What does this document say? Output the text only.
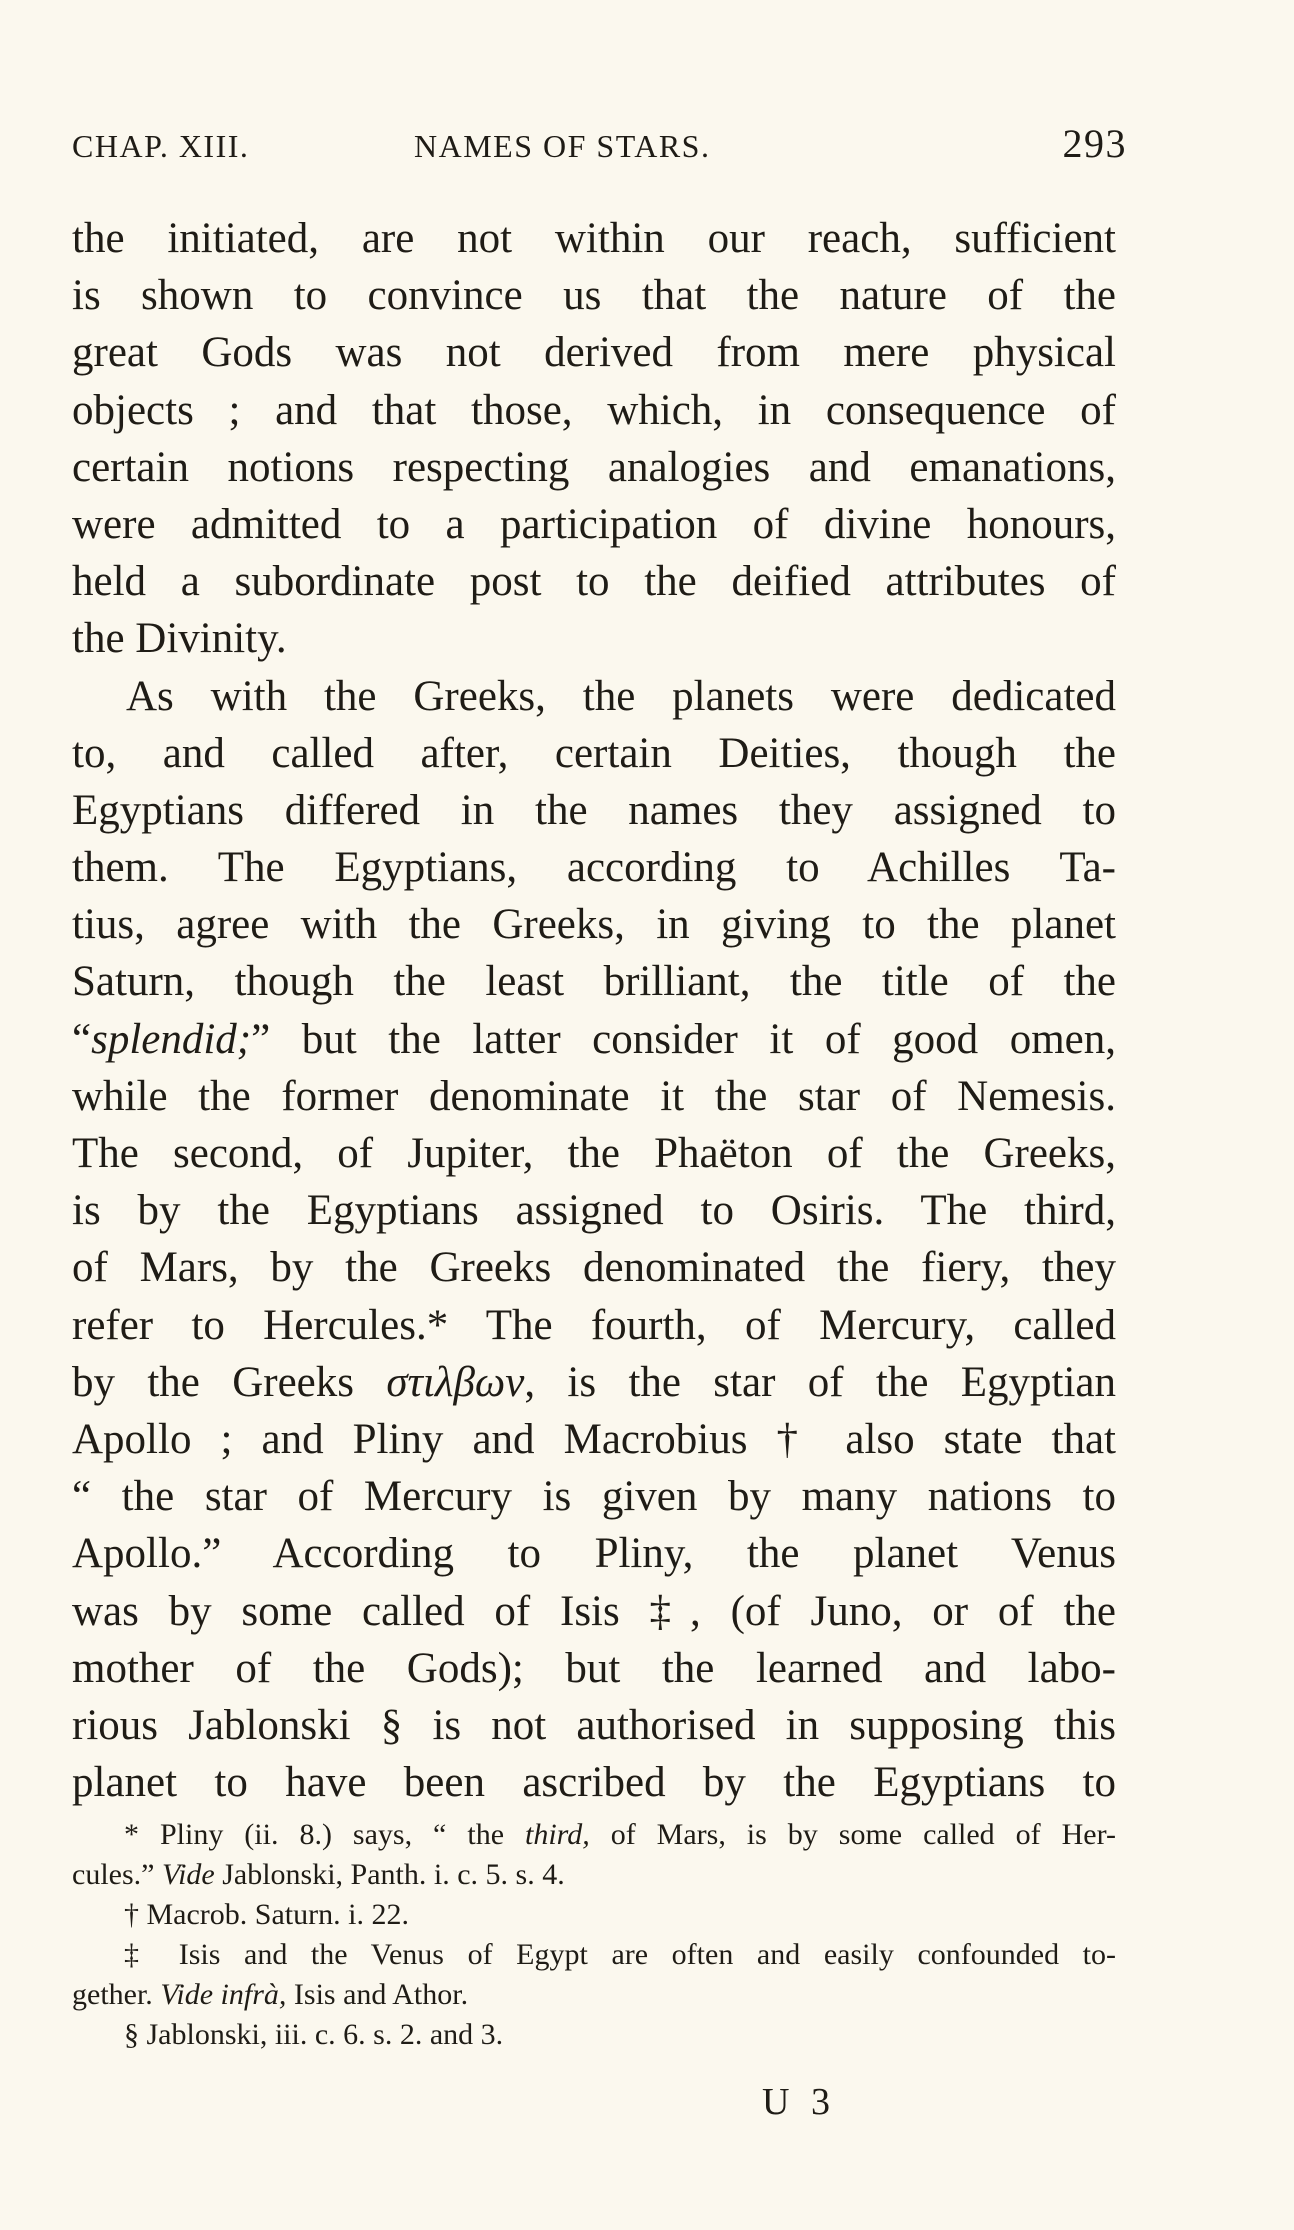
CHAP. XIII.	NAMES OF STARS.	293
the initiated, are not within our reach, sufficient
is shown to convince us that the nature of the
great Gods was not derived from mere physical
objects ; and that those, which, in consequence of
certain notions respecting analogies and emanations,
were admitted to a participation of divine honours,
held a subordinate post to the deified attributes of
the Divinity.
As with the Greeks, the planets were dedicated
to, and called after, certain Deities, though the
Egyptians differed in the names they assigned to
them. The Egyptians, according to Achilles Ta-
tius, agree with the Greeks, in giving to the planet
Saturn, though the least brilliant, the title of the
“splendid;” but the latter consider it of good omen,
while the former denominate it the star of Nemesis.
The second, of Jupiter, the Phaëton of the Greeks,
is by the Egyptians assigned to Osiris. The third,
of Mars, by the Greeks denominated the fiery, they
refer to Hercules.* The fourth, of Mercury, called
by the Greeks στιλβων, is the star of the Egyptian
Apollo ; and Pliny and Macrobius † also state that
“ the star of Mercury is given by many nations to
Apollo.” According to Pliny, the planet Venus
was by some called of Isis ‡, (of Juno, or of the
mother of the Gods); but the learned and labo-
rious Jablonski § is not authorised in supposing this
planet to have been ascribed by the Egyptians to
* Pliny (ii. 8.) says, “ the third, of Mars, is by some called of Her-
cules.” Vide Jablonski, Panth. i. c. 5. s. 4.
† Macrob. Saturn. i. 22.
‡ Isis and the Venus of Egypt are often and easily confounded to-
gether. Vide infrà, Isis and Athor.
§ Jablonski, iii. c. 6. s. 2. and 3.
U 3
